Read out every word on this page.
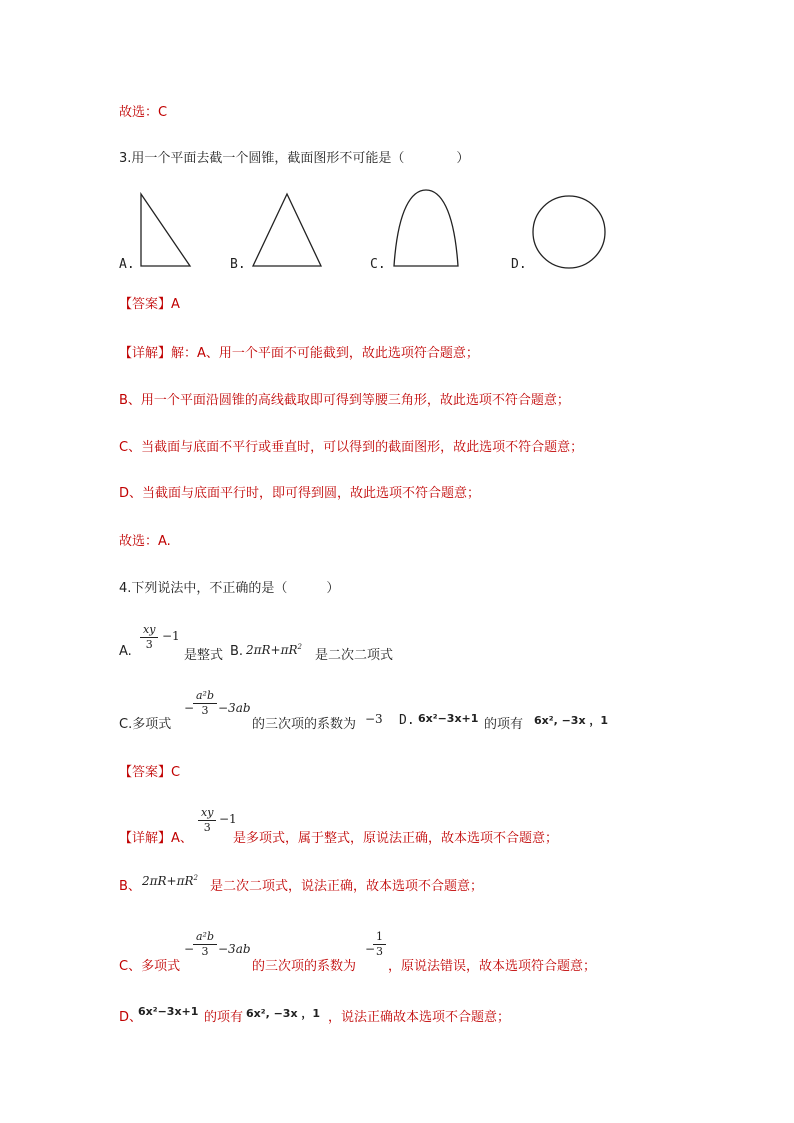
故选：C
3.用一个平面去截一个圆锥，截面图形不可能是（　　　　）
A.	B.	C.	D.
【答案】A
【详解】解：A、用一个平面不可能截到，故此选项符合题意；
B、用一个平面沿圆锥的高线截取即可得到等腰三角形，故此选项不符合题意；
C、当截面与底面不平行或垂直时，可以得到的截面图形，故此选项不符合题意；
D、当截面与底面平行时，即可得到圆，故此选项不符合题意；
故选：A.
4.下列说法中，不正确的是（　　　）
A. $\frac{xy}{3} -1$
是整式 B. $2\pi R+\pi R^2$
是二次二项式
C.多项式
−
$\frac{\text{a²b}}{3} -3ab$
的三次项的系数为 −3 D. 6x²−3x+1 的项有 6x², −3x ，1
【答案】C
【详解】A、
$\frac{xy}{3} -1$
是多项式，属于整式，原说法正确，故本选项不合题意；
B、 $2\pi R+\pi R^2$
是二次二项式，说法正确，故本选项不合题意；
C、多项式
−
$\frac{\text{a²b}}{3} -3ab$
的三次项的系数为
−
$\frac{1}{3}$
，原说法错误，故本选项符合题意；
D、
6x²−3x+1 的项有 6x², −3x ，1 ，说法正确故本选项不合题意；
